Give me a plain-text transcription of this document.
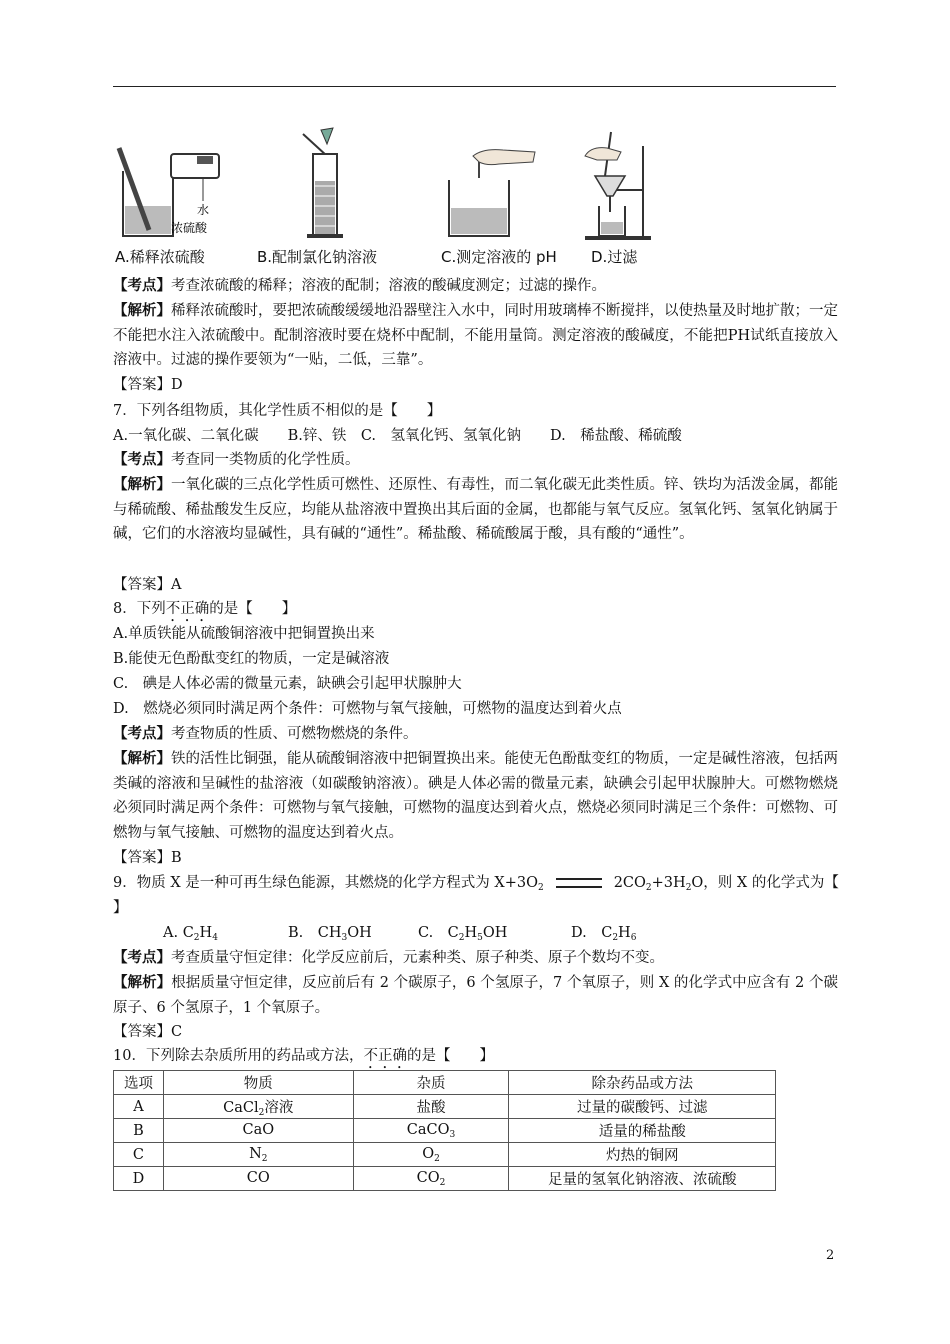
水
浓硫酸
A.稀释浓硫酸	B.配制氯化钠溶液	C.测定溶液的 pH D.过滤
【考点】考查浓硫酸的稀释；溶液的配制；溶液的酸碱度测定；过滤的操作。
【解析】稀释浓硫酸时，要把浓硫酸缓缓地沿器壁注入水中，同时用玻璃棒不断搅拌，以使热量及时地扩散；一定不能把水注入浓硫酸中。配制溶液时要在烧杯中配制，不能用量筒。测定溶液的酸碱度，不能把PH试纸直接放入溶液中。过滤的操作要领为“一贴，二低，三靠”。
【答案】D
7．下列各组物质，其化学性质不相似的是【　　】
A.一氧化碳、二氧化碳　　B.锌、铁　C.　氢氧化钙、氢氧化钠　　D.　稀盐酸、稀硫酸
【考点】考查同一类物质的化学性质。
【解析】一氧化碳的三点化学性质可燃性、还原性、有毒性，而二氧化碳无此类性质。锌、铁均为活泼金属，都能与稀硫酸、稀盐酸发生反应，均能从盐溶液中置换出其后面的金属，也都能与氧气反应。氢氧化钙、氢氧化钠属于碱，它们的水溶液均显碱性，具有碱的“通性”。稀盐酸、稀硫酸属于酸，具有酸的“通性”。
【答案】A
8．下列不正确的是【　　】
A.单质铁能从硫酸铜溶液中把铜置换出来
B.能使无色酚酞变红的物质，一定是碱溶液
C.　碘是人体必需的微量元素，缺碘会引起甲状腺肿大
D.　燃烧必须同时满足两个条件：可燃物与氧气接触，可燃物的温度达到着火点
【考点】考查物质的性质、可燃物燃烧的条件。
【解析】铁的活性比铜强，能从硫酸铜溶液中把铜置换出来。能使无色酚酞变红的物质，一定是碱性溶液，包括两类碱的溶液和呈碱性的盐溶液（如碳酸钠溶液）。碘是人体必需的微量元素，缺碘会引起甲状腺肿大。可燃物燃烧必须同时满足两个条件：可燃物与氧气接触，可燃物的温度达到着火点，燃烧必须同时满足三个条件：可燃物、可燃物与氧气接触、可燃物的温度达到着火点。
【答案】B
9．物质 X 是一种可再生绿色能源，其燃烧的化学方程式为 $X+3O_2$	$2CO_2+3H_2O$，则 X 的化学式为【
】
A. $C_2H_4$	B.　$CH_3OH$	C.　$C_2H_5OH$	D.　$C_2H_6$
【考点】考查质量守恒定律：化学反应前后，元素种类、原子种类、原子个数均不变。
【解析】根据质量守恒定律，反应前后有 2 个碳原子，6 个氢原子，7 个氧原子，则 X 的化学式中应含有 2 个碳原子、6 个氢原子，1 个氧原子。
【答案】C
10．下列除去杂质所用的药品或方法，不正确的是【　　】
选项	物质	杂质	除杂药品或方法
A	CaCl$_2$溶液	盐酸	过量的碳酸钙、过滤
B	CaO	CaCO$_3$	适量的稀盐酸
C	$N_2$	$O_2$	灼热的铜网
D	CO	$CO_2$	足量的氢氧化钠溶液、浓硫酸
2
